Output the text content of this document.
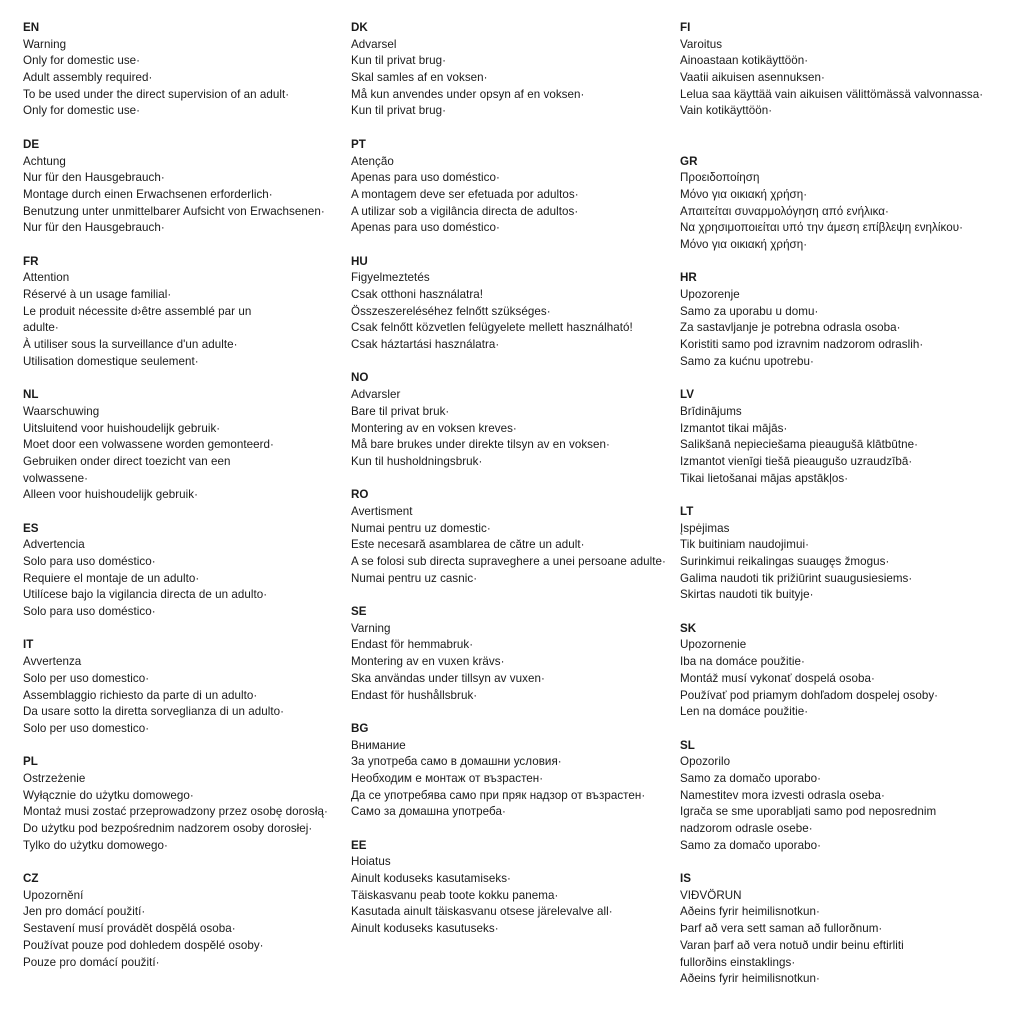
EN
Warning
Only for domestic use·
Adult assembly required·
To be used under the direct supervision of an adult·
Only for domestic use·
DE
Achtung
Nur für den Hausgebrauch·
Montage durch einen Erwachsenen erforderlich·
Benutzung unter unmittelbarer Aufsicht von Erwachsenen·
Nur für den Hausgebrauch·
FR
Attention
Réservé à un usage familial·
Le produit nécessite d›être assemblé par un
adulte·
À utiliser sous la surveillance d'un adulte·
Utilisation domestique seulement·
NL
Waarschuwing
Uitsluitend voor huishoudelijk gebruik·
Moet door een volwassene worden gemonteerd·
Gebruiken onder direct toezicht van een
volwassene·
Alleen voor huishoudelijk gebruik·
ES
Advertencia
Solo para uso doméstico·
Requiere el montaje de un adulto·
Utilícese bajo la vigilancia directa de un adulto·
Solo para uso doméstico·
IT
Avvertenza
Solo per uso domestico·
Assemblaggio richiesto da parte di un adulto·
Da usare sotto la diretta sorveglianza di un adulto·
Solo per uso domestico·
PL
Ostrzeżenie
Wyłącznie do użytku domowego·
Montaż musi zostać przeprowadzony przez osobę dorosłą·
Do użytku pod bezpośrednim nadzorem osoby dorosłej·
Tylko do użytku domowego·
CZ
Upozornění
Jen pro domácí použití·
Sestavení musí provádět dospělá osoba·
Používat pouze pod dohledem dospělé osoby·
Pouze pro domácí použití·
DK
Advarsel
Kun til privat brug·
Skal samles af en voksen·
Må kun anvendes under opsyn af en voksen·
Kun til privat brug·
PT
Atenção
Apenas para uso doméstico·
A montagem deve ser efetuada por adultos·
A utilizar sob a vigilância directa de adultos·
Apenas para uso doméstico·
HU
Figyelmeztetés
Csak otthoni használatra!
Összeszereléséhez felnőtt szükséges·
Csak felnőtt közvetlen felügyelete mellett használható!
Csak háztartási használatra·
NO
Advarsler
Bare til privat bruk·
Montering av en voksen kreves·
Må bare brukes under direkte tilsyn av en voksen·
Kun til husholdningsbruk·
RO
Avertisment
Numai pentru uz domestic·
Este necesară asamblarea de către un adult·
A se folosi sub directa supraveghere a unei persoane adulte·
Numai pentru uz casnic·
SE
Varning
Endast för hemmabruk·
Montering av en vuxen krävs·
Ska användas under tillsyn av vuxen·
Endast för hushållsbruk·
BG
Внимание
За употреба само в домашни условия·
Необходим е монтаж от възрастен·
Да се употребява само при пряк надзор от възрастен·
Само за домашна употреба·
EE
Hoiatus
Ainult koduseks kasutamiseks·
Täiskasvanu peab toote kokku panema·
Kasutada ainult täiskasvanu otsese järelevalve all·
Ainult koduseks kasutuseks·
FI
Varoitus
Ainoastaan kotikäyttöön·
Vaatii aikuisen asennuksen·
Lelua saa käyttää vain aikuisen välittömässä valvonnassa·
Vain kotikäyttöön·
GR
Προειδοποίηση
Μόνο για οικιακή χρήση·
Απαιτείται συναρμολόγηση από ενήλικα·
Να χρησιμοποιείται υπό την άμεση επίβλεψη ενηλίκου·
Μόνο για οικιακή χρήση·
HR
Upozorenje
Samo za uporabu u domu·
Za sastavljanje je potrebna odrasla osoba·
Koristiti samo pod izravnim nadzorom odraslih·
Samo za kućnu upotrebu·
LV
Brīdinājums
Izmantot tikai mājās·
Salikšanā nepieciešama pieaugušā klātbūtne·
Izmantot vienīgi tiešā pieaugušo uzraudzībā·
Tikai lietošanai mājas apstākļos·
LT
Įspėjimas
Tik buitiniam naudojimui·
Surinkimui reikalingas suaugęs žmogus·
Galima naudoti tik prižiūrint suaugusiesiems·
Skirtas naudoti tik buityje·
SK
Upozornenie
Iba na domáce použitie·
Montáž musí vykonať dospelá osoba·
Používať pod priamym dohľadom dospelej osoby·
Len na domáce použitie·
SL
Opozorilo
Samo za domačo uporabo·
Namestitev mora izvesti odrasla oseba·
Igrača se sme uporabljati samo pod neposrednim
nadzorom odrasle osebe·
Samo za domačo uporabo·
IS
VIÐVÖRUN
Aðeins fyrir heimilisnotkun·
Þarf að vera sett saman að fullorðnum·
Varan þarf að vera notuð undir beinu eftirliti
fullorðins einstaklings·
Aðeins fyrir heimilisnotkun·
